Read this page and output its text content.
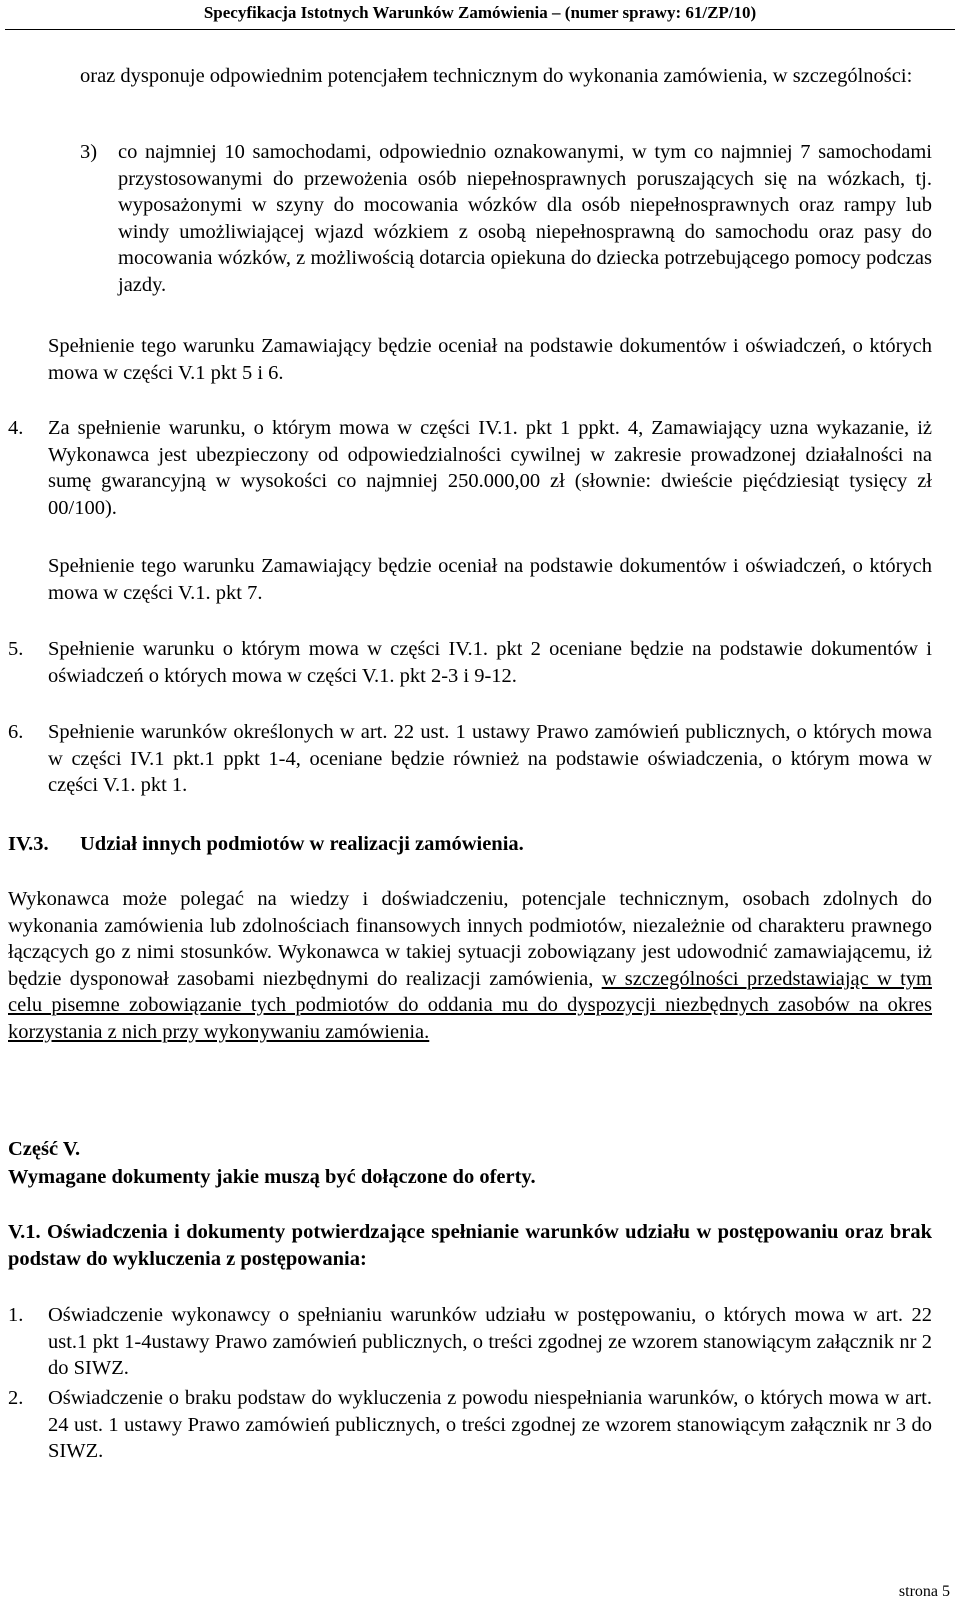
Specyfikacja Istotnych Warunków Zamówienia – (numer sprawy: 61/ZP/10)

oraz dysponuje odpowiednim potencjałem technicznym do wykonania zamówienia, w szczególności:

3) co najmniej 10 samochodami, odpowiednio oznakowanymi, w tym co najmniej 7 samochodami przystosowanymi do przewożenia osób niepełnosprawnych poruszających się na wózkach, tj. wyposażonymi w szyny do mocowania wózków dla osób niepełnosprawnych oraz rampy lub windy umożliwiającej wjazd wózkiem z osobą niepełnosprawną do samochodu oraz pasy do mocowania wózków, z możliwością dotarcia opiekuna do dziecka potrzebującego pomocy podczas jazdy.

Spełnienie tego warunku Zamawiający będzie oceniał na podstawie dokumentów i oświadczeń, o których mowa w części V.1 pkt 5 i 6.

4. Za spełnienie warunku, o którym mowa w części IV.1. pkt 1 ppkt. 4, Zamawiający uzna wykazanie, iż Wykonawca jest ubezpieczony od odpowiedzialności cywilnej w zakresie prowadzonej działalności na sumę gwarancyjną w wysokości co najmniej 250.000,00 zł (słownie: dwieście pięćdziesiąt tysięcy zł 00/100).

Spełnienie tego warunku Zamawiający będzie oceniał na podstawie dokumentów i oświadczeń, o których mowa w części V.1. pkt 7.

5. Spełnienie warunku o którym mowa w części IV.1. pkt 2 oceniane będzie na podstawie dokumentów i oświadczeń o których mowa w części V.1. pkt 2-3 i 9-12.

6. Spełnienie warunków określonych w art. 22 ust. 1 ustawy Prawo zamówień publicznych, o których mowa w części IV.1 pkt.1 ppkt 1-4, oceniane będzie również na podstawie oświadczenia, o którym mowa w części V.1. pkt 1.

IV.3. Udział innych podmiotów w realizacji zamówienia.

Wykonawca może polegać na wiedzy i doświadczeniu, potencjale technicznym, osobach zdolnych do wykonania zamówienia lub zdolnościach finansowych innych podmiotów, niezależnie od charakteru prawnego łączących go z nimi stosunków. Wykonawca w takiej sytuacji zobowiązany jest udowodnić zamawiającemu, iż będzie dysponował zasobami niezbędnymi do realizacji zamówienia, w szczególności przedstawiając w tym celu pisemne zobowiązanie tych podmiotów do oddania mu do dyspozycji niezbędnych zasobów na okres korzystania z nich przy wykonywaniu zamówienia.

Część V.
Wymagane dokumenty jakie muszą być dołączone do oferty.

V.1. Oświadczenia i dokumenty potwierdzające spełnianie warunków udziału w postępowaniu oraz brak podstaw do wykluczenia z postępowania:

1. Oświadczenie wykonawcy o spełnianiu warunków udziału w postępowaniu, o których mowa w art. 22 ust.1 pkt 1-4ustawy Prawo zamówień publicznych, o treści zgodnej ze wzorem stanowiącym załącznik nr 2 do SIWZ.

2. Oświadczenie o braku podstaw do wykluczenia z powodu niespełniania warunków, o których mowa w art. 24 ust. 1 ustawy Prawo zamówień publicznych, o treści zgodnej ze wzorem stanowiącym załącznik nr 3 do SIWZ.

strona 5
